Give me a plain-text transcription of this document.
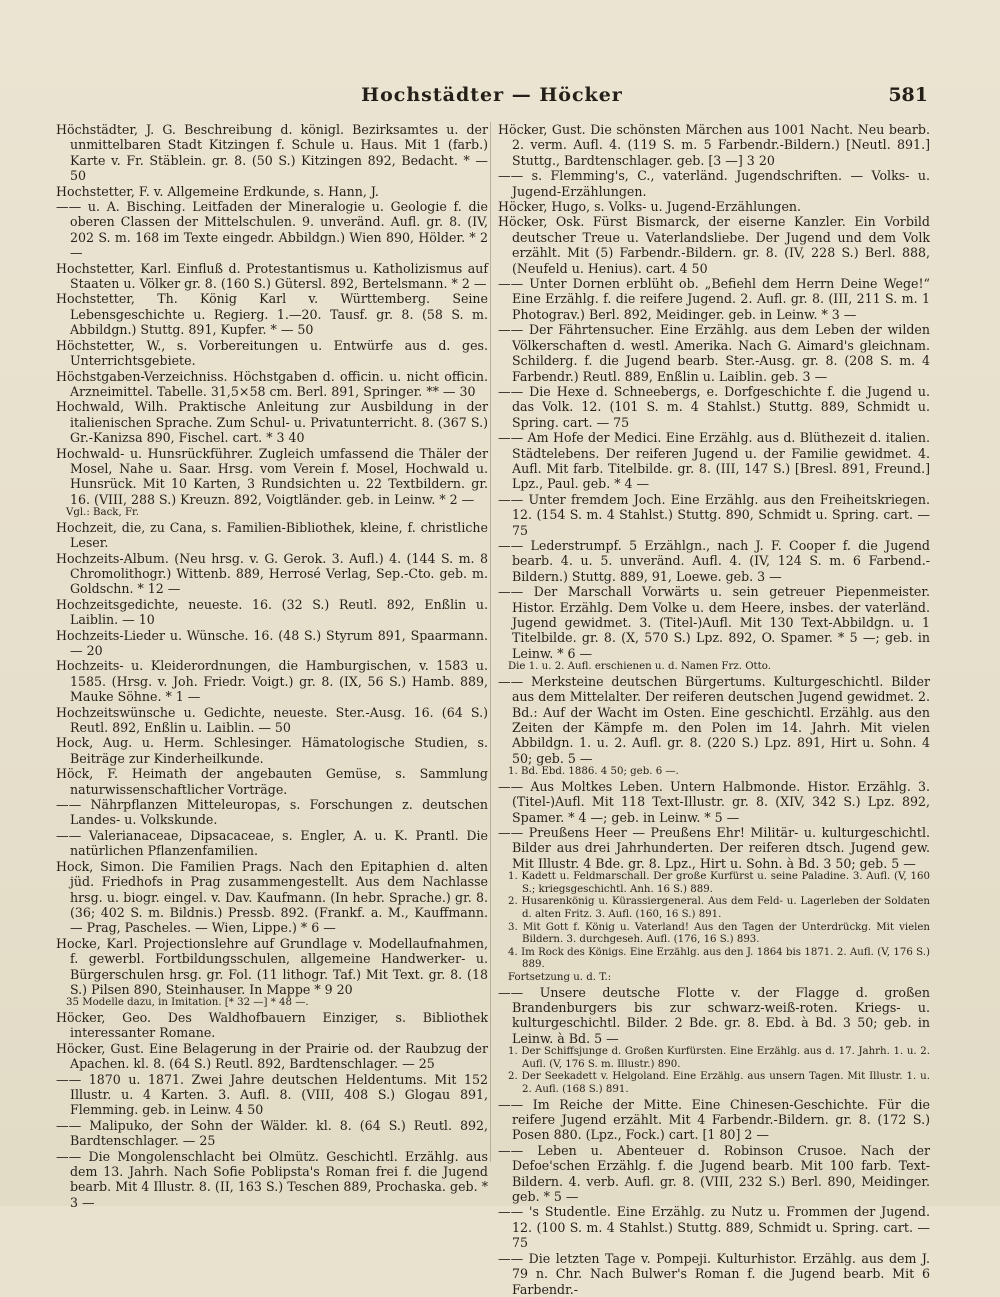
Hochstädter — Höcker	581

Höchstädter, J. G. Beschreibung d. königl. Bezirksamtes u. der unmittelbaren Stadt Kitzingen f. Schule u. Haus. Mit 1 (farb.) Karte v. Fr. Stäblein. gr. 8. (50 S.) Kitzingen 892, Bedacht. * — 50

Hochstetter, F. v. Allgemeine Erdkunde, s. Hann, J.

—— u. A. Bisching. Leitfaden der Mineralogie u. Geologie f. die oberen Classen der Mittelschulen. 9. unveränd. Aufl. gr. 8. (IV, 202 S. m. 168 im Texte eingedr. Abbildgn.) Wien 890, Hölder. * 2 —

Hochstetter, Karl. Einfluß d. Protestantismus u. Katholizismus auf Staaten u. Völker gr. 8. (160 S.) Gütersl. 892, Bertelsmann. * 2 —

Hochstetter, Th. König Karl v. Württemberg. Seine Lebensgeschichte u. Regierg. 1.—20. Tausf. gr. 8. (58 S. m. Abbildgn.) Stuttg. 891, Kupfer. * — 50

Höchstetter, W., s. Vorbereitungen u. Entwürfe aus d. ges. Unterrichtsgebiete.

Höchstgaben-Verzeichniss. Höchstgaben d. officin. u. nicht officin. Arzneimittel. Tabelle. 31,5×58 cm. Berl. 891, Springer. ** — 30

Hochwald, Wilh. Praktische Anleitung zur Ausbildung in der italienischen Sprache. Zum Schul- u. Privatunterricht. 8. (367 S.) Gr.-Kanizsa 890, Fischel. cart. * 3 40

Hochwald- u. Hunsrückführer. Zugleich umfassend die Thäler der Mosel, Nahe u. Saar. Hrsg. vom Verein f. Mosel, Hochwald u. Hunsrück. Mit 10 Karten, 3 Rundsichten u. 22 Textbildern. gr. 16. (VIII, 288 S.) Kreuzn. 892, Voigtländer. geb. in Leinw. * 2 —

Vgl.: Back, Fr.

Hochzeit, die, zu Cana, s. Familien-Bibliothek, kleine, f. christliche Leser.

Hochzeits-Album. (Neu hrsg. v. G. Gerok. 3. Aufl.) 4. (144 S. m. 8 Chromolithogr.) Wittenb. 889, Herrosé Verlag, Sep.-Cto. geb. m. Goldschn. * 12 —

Hochzeitsgedichte, neueste. 16. (32 S.) Reutl. 892, Enßlin u. Laiblin. — 10

Hochzeits-Lieder u. Wünsche. 16. (48 S.) Styrum 891, Spaarmann. — 20

Hochzeits- u. Kleiderordnungen, die Hamburgischen, v. 1583 u. 1585. (Hrsg. v. Joh. Friedr. Voigt.) gr. 8. (IX, 56 S.) Hamb. 889, Mauke Söhne. * 1 —

Hochzeitswünsche u. Gedichte, neueste. Ster.-Ausg. 16. (64 S.) Reutl. 892, Enßlin u. Laiblin. — 50

Hock, Aug. u. Herm. Schlesinger. Hämatologische Studien, s. Beiträge zur Kinderheilkunde.

Höck, F. Heimath der angebauten Gemüse, s. Sammlung naturwissenschaftlicher Vorträge.

—— Nährpflanzen Mitteleuropas, s. Forschungen z. deutschen Landes- u. Volkskunde.

—— Valerianaceae, Dipsacaceae, s. Engler, A. u. K. Prantl. Die natürlichen Pflanzenfamilien.

Hock, Simon. Die Familien Prags. Nach den Epitaphien d. alten jüd. Friedhofs in Prag zusammengestellt. Aus dem Nachlasse hrsg. u. biogr. eingel. v. Dav. Kaufmann. (In hebr. Sprache.) gr. 8. (36; 402 S. m. Bildnis.) Pressb. 892. (Frankf. a. M., Kauffmann. — Prag, Pascheles. — Wien, Lippe.) * 6 —

Hocke, Karl. Projectionslehre auf Grundlage v. Modellaufnahmen, f. gewerbl. Fortbildungsschulen, allgemeine Handwerker- u. Bürgerschulen hrsg. gr. Fol. (11 lithogr. Taf.) Mit Text. gr. 8. (18 S.) Pilsen 890, Steinhauser. In Mappe * 9 20

35 Modelle dazu, in Imitation. [* 32 —] * 48 —.

Höcker, Geo. Des Waldhofbauern Einziger, s. Bibliothek interessanter Romane.

Höcker, Gust. Eine Belagerung in der Prairie od. der Raubzug der Apachen. kl. 8. (64 S.) Reutl. 892, Bardtenschlager. — 25

—— 1870 u. 1871. Zwei Jahre deutschen Heldentums. Mit 152 Illustr. u. 4 Karten. 3. Aufl. 8. (VIII, 408 S.) Glogau 891, Flemming. geb. in Leinw. 4 50

—— Malipuko, der Sohn der Wälder. kl. 8. (64 S.) Reutl. 892, Bardtenschlager. — 25

—— Die Mongolenschlacht bei Olmütz. Geschichtl. Erzählg. aus dem 13. Jahrh. Nach Sofie Poblipsta's Roman frei f. die Jugend bearb. Mit 4 Illustr. 8. (II, 163 S.) Teschen 889, Prochaska. geb. * 3 —

Höcker, Gust. Die schönsten Märchen aus 1001 Nacht. Neu bearb. 2. verm. Aufl. 4. (119 S. m. 5 Farbendr.-Bildern.) [Neutl. 891.] Stuttg., Bardtenschlager. geb. [3 —] 3 20

—— s. Flemming's, C., vaterländ. Jugendschriften. — Volks- u. Jugend-Erzählungen.

Höcker, Hugo, s. Volks- u. Jugend-Erzählungen.

Höcker, Osk. Fürst Bismarck, der eiserne Kanzler. Ein Vorbild deutscher Treue u. Vaterlandsliebe. Der Jugend und dem Volk erzählt. Mit (5) Farbendr.-Bildern. gr. 8. (IV, 228 S.) Berl. 888, (Neufeld u. Henius). cart. 4 50

—— Unter Dornen erblüht ob. „Befiehl dem Herrn Deine Wege!“ Eine Erzählg. f. die reifere Jugend. 2. Aufl. gr. 8. (III, 211 S. m. 1 Photograv.) Berl. 892, Meidinger. geb. in Leinw. * 3 —

—— Der Fährtensucher. Eine Erzählg. aus dem Leben der wilden Völkerschaften d. westl. Amerika. Nach G. Aimard's gleichnam. Schilderg. f. die Jugend bearb. Ster.-Ausg. gr. 8. (208 S. m. 4 Farbendr.) Reutl. 889, Enßlin u. Laiblin. geb. 3 —

—— Die Hexe d. Schneebergs, e. Dorfgeschichte f. die Jugend u. das Volk. 12. (101 S. m. 4 Stahlst.) Stuttg. 889, Schmidt u. Spring. cart. — 75

—— Am Hofe der Medici. Eine Erzählg. aus d. Blüthezeit d. italien. Städtelebens. Der reiferen Jugend u. der Familie gewidmet. 4. Aufl. Mit farb. Titelbilde. gr. 8. (III, 147 S.) [Bresl. 891, Freund.] Lpz., Paul. geb. * 4 —

—— Unter fremdem Joch. Eine Erzählg. aus den Freiheitskriegen. 12. (154 S. m. 4 Stahlst.) Stuttg. 890, Schmidt u. Spring. cart. — 75

—— Lederstrumpf. 5 Erzählgn., nach J. F. Cooper f. die Jugend bearb. 4. u. 5. unveränd. Aufl. 4. (IV, 124 S. m. 6 Farbend.-Bildern.) Stuttg. 889, 91, Loewe. geb. 3 —

—— Der Marschall Vorwärts u. sein getreuer Piepenmeister. Histor. Erzählg. Dem Volke u. dem Heere, insbes. der vaterländ. Jugend gewidmet. 3. (Titel-)Aufl. Mit 130 Text-Abbildgn. u. 1 Titelbilde. gr. 8. (X, 570 S.) Lpz. 892, O. Spamer. * 5 —; geb. in Leinw. * 6 —

Die 1. u. 2. Aufl. erschienen u. d. Namen Frz. Otto.

—— Merksteine deutschen Bürgertums. Kulturgeschichtl. Bilder aus dem Mittelalter. Der reiferen deutschen Jugend gewidmet. 2. Bd.: Auf der Wacht im Osten. Eine geschichtl. Erzählg. aus den Zeiten der Kämpfe m. den Polen im 14. Jahrh. Mit vielen Abbildgn. 1. u. 2. Aufl. gr. 8. (220 S.) Lpz. 891, Hirt u. Sohn. 4 50; geb. 5 —

1. Bd. Ebd. 1886. 4 50; geb. 6 —.

—— Aus Moltkes Leben. Untern Halbmonde. Histor. Erzählg. 3. (Titel-)Aufl. Mit 118 Text-Illustr. gr. 8. (XIV, 342 S.) Lpz. 892, Spamer. * 4 —; geb. in Leinw. * 5 —

—— Preußens Heer — Preußens Ehr! Militär- u. kulturgeschichtl. Bilder aus drei Jahrhunderten. Der reiferen dtsch. Jugend gew. Mit Illustr. 4 Bde. gr. 8. Lpz., Hirt u. Sohn. à Bd. 3 50; geb. 5 —

1. Kadett u. Feldmarschall. Der große Kurfürst u. seine Paladine. 3. Aufl. (V, 160 S.; kriegsgeschichtl. Anh. 16 S.) 889.

2. Husarenkönig u. Kürassiergeneral. Aus dem Feld- u. Lagerleben der Soldaten d. alten Fritz. 3. Aufl. (160, 16 S.) 891.

3. Mit Gott f. König u. Vaterland! Aus den Tagen der Unterdrückg. Mit vielen Bildern. 3. durchgeseh. Aufl. (176, 16 S.) 893.

4. Im Rock des Königs. Eine Erzählg. aus den J. 1864 bis 1871. 2. Aufl. (V, 176 S.) 889.

Fortsetzung u. d. T.:

—— Unsere deutsche Flotte v. der Flagge d. großen Brandenburgers bis zur schwarz-weiß-roten. Kriegs- u. kulturgeschichtl. Bilder. 2 Bde. gr. 8. Ebd. à Bd. 3 50; geb. in Leinw. à Bd. 5 —

1. Der Schiffsjunge d. Großen Kurfürsten. Eine Erzählg. aus d. 17. Jahrh. 1. u. 2. Aufl. (V, 176 S. m. Illustr.) 890.

2. Der Seekadett v. Helgoland. Eine Erzählg. aus unsern Tagen. Mit Illustr. 1. u. 2. Aufl. (168 S.) 891.

—— Im Reiche der Mitte. Eine Chinesen-Geschichte. Für die reifere Jugend erzählt. Mit 4 Farbendr.-Bildern. gr. 8. (172 S.) Posen 880. (Lpz., Fock.) cart. [1 80] 2 —

—— Leben u. Abenteuer d. Robinson Crusoe. Nach der Defoe'schen Erzählg. f. die Jugend bearb. Mit 100 farb. Text-Bildern. 4. verb. Aufl. gr. 8. (VIII, 232 S.) Berl. 890, Meidinger. geb. * 5 —

—— 's Studentle. Eine Erzählg. zu Nutz u. Frommen der Jugend. 12. (100 S. m. 4 Stahlst.) Stuttg. 889, Schmidt u. Spring. cart. — 75

—— Die letzten Tage v. Pompeji. Kulturhistor. Erzählg. aus dem J. 79 n. Chr. Nach Bulwer's Roman f. die Jugend bearb. Mit 6 Farbendr.-
